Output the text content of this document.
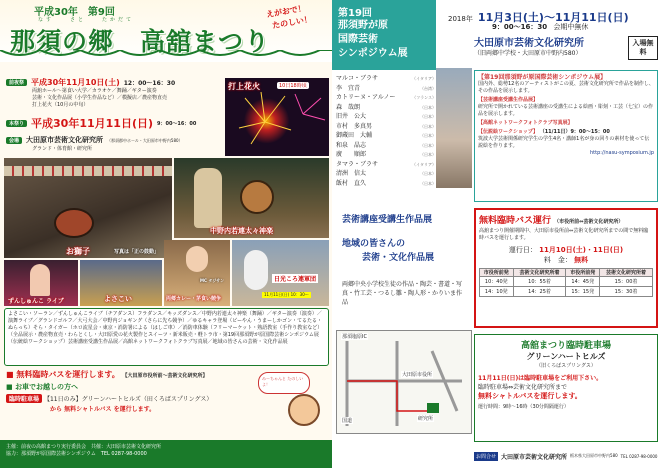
平成30年　第9回
なす　　さと　　たかだて
那須の郷　高舘まつり
えがおで！
たのしい！
前夜祭 平成30年11月10日(土) 12：00～16：30
両舘ホール～第食い大学／カラオケ／舞踊／ギター演奏
芸術・文化作品展（小学生作品など）／模擬店／農産物直売
打上花火（10月の中旬）
本祭り 平成30年11月11日(日) 9：00～16：00
会場	大田原市芸術文化研究所 （那須郡中ホール・大田原市中野内580）
グランド・体育館・研究所
打上花火	10日18時頃
お獅子	写真は「正の鼓動」
中野内若連太々神楽
日光ころ連軍団
11月11日(日) 10：30～
ずんしゅんこ ライブ	よさこい
MC タジサン
両郷カレー・茅食い競争
よさこい・ソーラン／ずんしゅんこライブ（チアダンス）フラダンス／キッズダンス／中野内若連太々神楽（舞踊）／ギター演奏（演奏）／演舞ライブ／グランドゴルフ／大弓大会／中野内ジョギング（さらに先ち競争）／ゆるキャラ登場（ビーやん・うまーしかゴン・てるたる・ぬらっち）そら・タイガー（ホロ流星会・東京・消防署による（はしご車）／消防車体験（フリーマーケット・熟語教室（手作り教室など）（全品展示・農産物直売・わらとくし・大田原愛の花火製作とスイーツ・新米販売・軽トラ市・第19回那須野が原国際芸術シンポジウム展（伝統絵ワークショップ）芸術講座受講生作品展／高館ネットワークフォトクラブ写真展／地域の皆さんの芸術・文化作品展
■ 無料臨時バスを運行します。 【大田原市役所前～芸術文化研究所】
■ お車でお越しの方へ
臨時駐車場 【11日のみ】グリーンハートヒルズ（田くろばスプリングス）
から 無料シャトルバス を運行します。
みーちゃんと たのしいよ！
主催：前夜の高館まつり実行委員会　共催：大田原市芸術文化研究所
協力：那須野が原国際芸術シンポジウム　TEL 0287-98-0000
第19回
那須野が原
国際芸術
シンポジウム展
2018年 11月3日(土)～11月11日(日)
9：00～16：30 会期中無休
大田原市芸術文化研究所
（旧両郷中学校・大田原市中野内580）
入場無料
マルコ・ブラサ	（イタリア）
李　宜青	（台湾）
カトリーヌ・アルノー	（フランス）
森　哉朗	（日本）
旧井　公大	（日本）
市村　多真男	（日本）
御蔵田　大輔	（日本）
和泉　晶志	（日本）
廣　　順郎	（日本）
タマラ・ブラサ	（イタリア）
清洲　信太	（日本）
飯村　直久	（日本）
【第19回那須野が原国際芸術シンポジウム展】
国内外、総勢12名のアーティストがこの夏、芸術文化研究所で作品を制作し、その作品を展示します。
【芸術講座受講生作品展】
研究所で開かれている芸術講座の受講生による絵画・彫刻・工芸（七宝）の作品を展示します。
【高館ネットワークフォトクラブ写真展】
【伝説絵ワークショップ】 （11/11日）9：00～15：00
筑波大学芸術関係研究学生の学生4名・講師1名が身の回りの素材を使って伝説絵を作ります。
http://nasu-symposium.jp
芸術講座受講生作品展
地域の皆さんの
芸術・文化作品展
両郷中央小学校生徒の作品・陶芸・書道・写真・竹工芸・つるし雛・陶人形・かりいま作品
無料臨時バス運行 （市役所前⇔芸術文化研究所）
高舘まつり開催期間中、大田原市役所前⇔芸術文化研究所までの間で無料臨時バスを運行します。
運行日： 11月10日(土)・11日(日)
料　金： 無料
市役所前発	芸術文化研究所着	市役所前発	芸術文化研究所着
10：40発	10：55着	14：45発	15：00着
14：10発	14：25着	15：15発	15：30着
那須塩原IC
大田原市役所
研究所
国道
高舘まつり臨時駐車場
グリーンハートヒルズ
（旧くろばスプリングス）
11月11日(日)は臨時駐車場をご利用下さい。
臨時駐車場⇔芸術文化研究所まで
無料シャトルバスを運行します。
運行時間：9時～16時（30分間隔運行）
お問合せ 大田原市芸術文化研究所 栃木県大田原市中野内580 TEL 0287-98-0000
